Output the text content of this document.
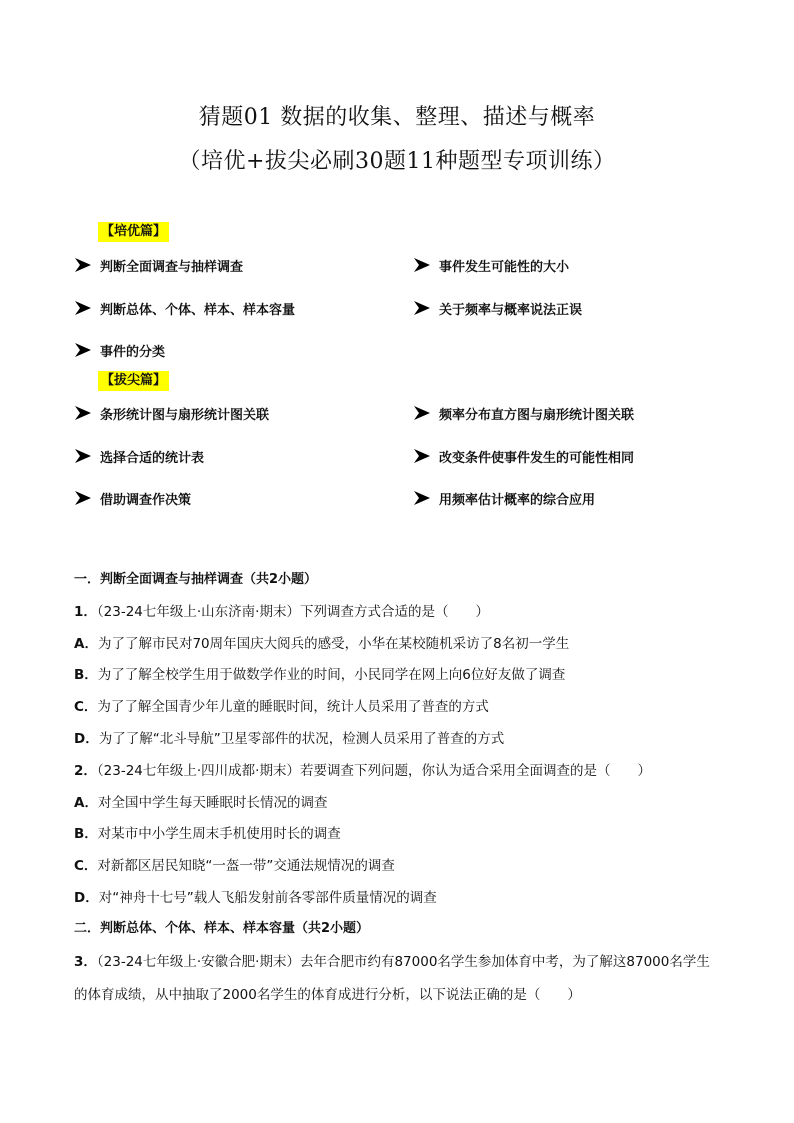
猜题01 数据的收集、整理、描述与概率
（培优+拔尖必刷30题11种题型专项训练）
【培优篇】
判断全面调查与抽样调查	事件发生可能性的大小
判断总体、个体、样本、样本容量	关于频率与概率说法正误
事件的分类
【拔尖篇】
条形统计图与扇形统计图关联	频率分布直方图与扇形统计图关联
选择合适的统计表	改变条件使事件发生的可能性相同
借助调查作决策	用频率估计概率的综合应用
一．判断全面调查与抽样调查（共2小题）
1．（23-24七年级上·山东济南·期末）下列调查方式合适的是（　　）
A．为了了解市民对70周年国庆大阅兵的感受，小华在某校随机采访了8名初一学生
B．为了了解全校学生用于做数学作业的时间，小民同学在网上向6位好友做了调查
C．为了了解全国青少年儿童的睡眠时间，统计人员采用了普查的方式
D．为了了解“北斗导航”卫星零部件的状况，检测人员采用了普查的方式
2．（23-24七年级上·四川成都·期末）若要调查下列问题，你认为适合采用全面调查的是（　　）
A．对全国中学生每天睡眠时长情况的调查
B．对某市中小学生周末手机使用时长的调查
C．对新都区居民知晓“一盔一带”交通法规情况的调查
D．对“神舟十七号”载人飞船发射前各零部件质量情况的调查
二．判断总体、个体、样本、样本容量（共2小题）
3．（23-24七年级上·安徽合肥·期末）去年合肥市约有87000名学生参加体育中考，为了解这87000名学生
的体育成绩，从中抽取了2000名学生的体育成进行分析，以下说法正确的是（　　）
